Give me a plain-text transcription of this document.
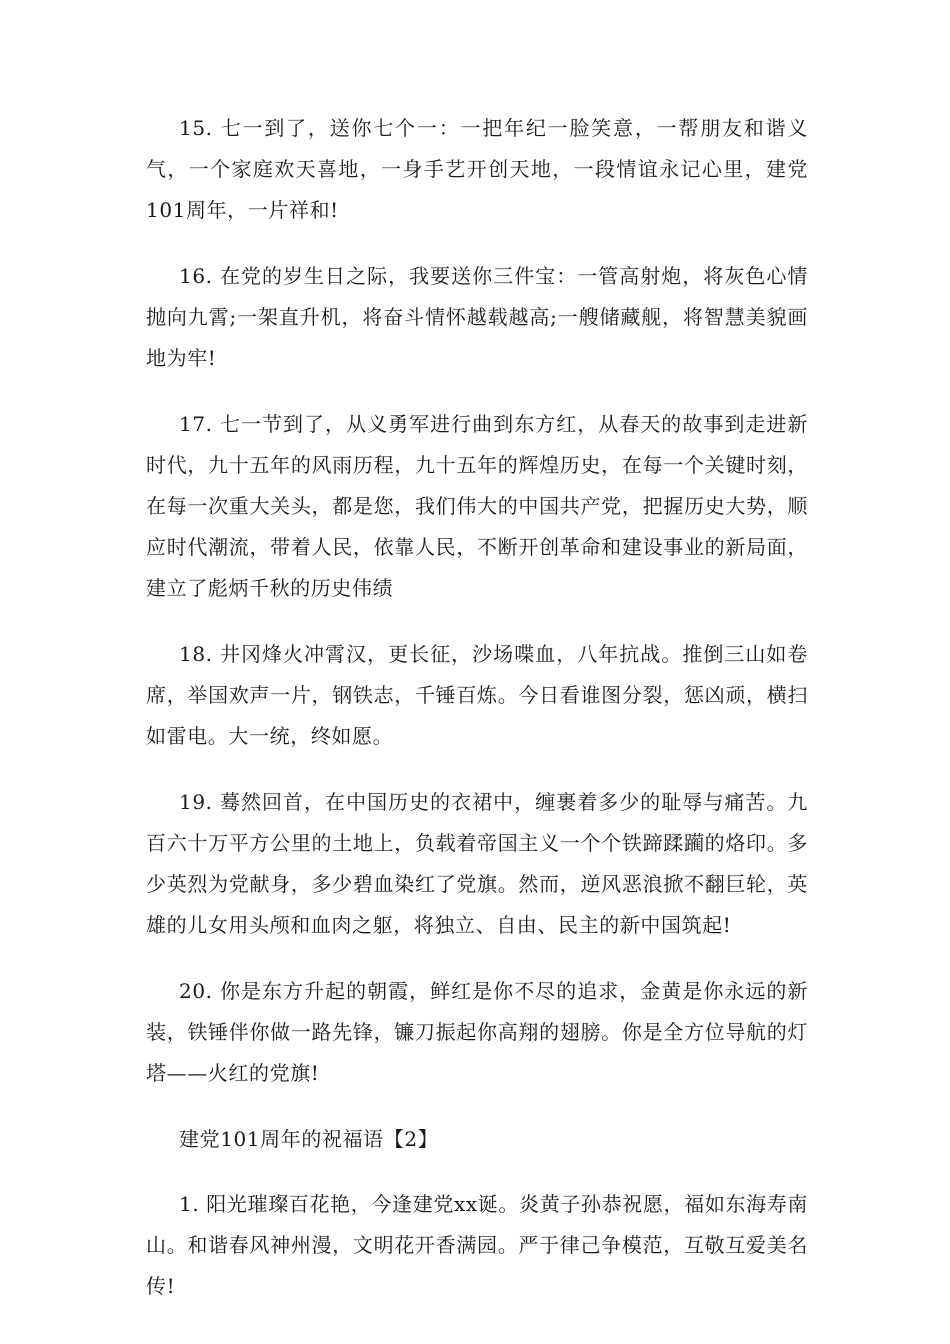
15. 七一到了，送你七个一：一把年纪一脸笑意，一帮朋友和谐义气，一个家庭欢天喜地，一身手艺开创天地，一段情谊永记心里，建党101周年，一片祥和!

16. 在党的岁生日之际，我要送你三件宝：一管高射炮，将灰色心情抛向九霄;一架直升机，将奋斗情怀越载越高;一艘储藏舰，将智慧美貌画地为牢!

17. 七一节到了，从义勇军进行曲到东方红，从春天的故事到走进新时代，九十五年的风雨历程，九十五年的辉煌历史，在每一个关键时刻，在每一次重大关头，都是您，我们伟大的中国共产党，把握历史大势，顺应时代潮流，带着人民，依靠人民，不断开创革命和建设事业的新局面，建立了彪炳千秋的历史伟绩

18. 井冈烽火冲霄汉，更长征，沙场喋血，八年抗战。推倒三山如卷席，举国欢声一片，钢铁志，千锤百炼。今日看谁图分裂，惩凶顽，横扫如雷电。大一统，终如愿。

19. 蓦然回首，在中国历史的衣裙中，缠裹着多少的耻辱与痛苦。九百六十万平方公里的土地上，负载着帝国主义一个个铁蹄蹂躏的烙印。多少英烈为党献身，多少碧血染红了党旗。然而，逆风恶浪掀不翻巨轮，英雄的儿女用头颅和血肉之躯，将独立、自由、民主的新中国筑起!

20. 你是东方升起的朝霞，鲜红是你不尽的追求，金黄是你永远的新装，铁锤伴你做一路先锋，镰刀振起你高翔的翅膀。你是全方位导航的灯塔——火红的党旗!

建党101周年的祝福语【2】

1. 阳光璀璨百花艳，今逢建党xx诞。炎黄子孙恭祝愿，福如东海寿南山。和谐春风神州漫，文明花开香满园。严于律己争模范，互敬互爱美名传!
